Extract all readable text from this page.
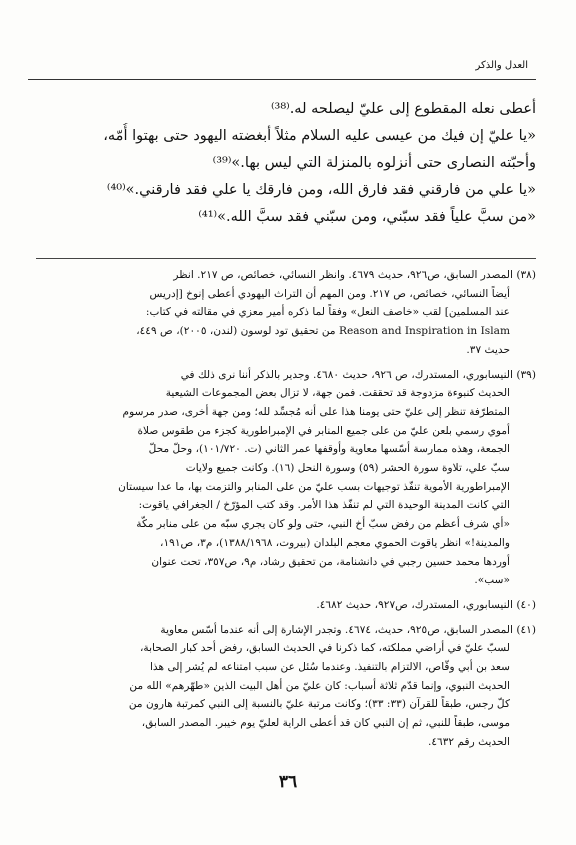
العدل والذكر

أعطى نعله المقطوع إلى عليّ ليصلحه له.⁽³⁸⁾

«يا عليّ إن فيك من عيسى عليه السلام مثلاً أبغضته اليهود حتى بهتوا أُمّه،

وأحبّته النصارى حتى أنزلوه بالمنزلة التي ليس بها.»⁽³⁹⁾

«يا علي من فارقني فقد فارق الله، ومن فارقك يا علي فقد فارقني.»⁽⁴⁰⁾

«من سبَّ علياً فقد سبّني، ومن سبّني فقد سبَّ الله.»⁽⁴¹⁾

(٣٨) المصدر السابق، ص٩٢٦، حديث ٤٦٧٩. وانظر النسائي، خصائص، ص ٢١٧. انظر
أيضاً النسائي، خصائص، ص ٢١٧. ومن المهم أن التراث اليهودي أعطى إنوخ [إدريس
عند المسلمين] لقب «خاصف النعل» وفقاً لما ذكره أمير معزي في مقالته في كتاب:
Reason and Inspiration in Islam من تحقيق تود لوسون (لندن، ٢٠٠٥)، ص ٤٤٩،
حديث ٣٧.
(٣٩) النيسابوري، المستدرك، ص ٩٢٦، حديث ٤٦٨٠. وجدير بالذكر أننا نرى ذلك في
الحديث كنبوءة مزدوجة قد تحققت. فمن جهة، لا تزال بعض المجموعات الشيعية
المتطرّفة تنظر إلى عليّ حتى يومنا هذا على أنه مُجسِّد لله؛ ومن جهة أخرى، صدر مرسوم
أموي رسمي بلعن عليّ من على جميع المنابر في الإمبراطورية كجزء من طقوس صلاة
الجمعة، وهذه ممارسة أسّسها معاوية وأوقفها عمر الثاني (ت. ١٠١/٧٢٠)، وحلّ محلّ
سبّ علي، تلاوة سورة الحشر (٥٩) وسورة النحل (١٦). وكانت جميع ولايات
الإمبراطورية الأموية تنفّذ توجيهات بسب عليّ من على المنابر والتزمت بها، ما عدا سيستان
التي كانت المدينة الوحيدة التي لم تنفّذ هذا الأمر. وقد كتب المؤرّخ / الجغرافي ياقوت:
«أي شرف أعظم من رفض سبّ أخ النبي، حتى ولو كان يجري سبّه من على منابر مكّة
والمدينة!» انظر ياقوت الحموي معجم البلدان (بيروت، ١٣٨٨/١٩٦٨)، م٣، ص١٩١،
أوردها محمد حسين رجبي في دانشنامة، من تحقيق رشاد، م٩، ص٣٥٧، تحت عنوان
«سب».
(٤٠) النيسابوري، المستدرك، ص٩٢٧، حديث ٤٦٨٢.
(٤١) المصدر السابق، ص٩٢٥، حديث، ٤٦٧٤. وتجدر الإشارة إلى أنه عندما أسّس معاوية
لسبّ عليّ في أراضي مملكته، كما ذكرنا في الحديث السابق، رفض أحد كبار الصحابة،
سعد بن أبي وقّاص، الالتزام بالتنفيذ. وعندما سُئل عن سبب امتناعه لم يُشر إلى هذا
الحديث النبوي، وإنما قدّم ثلاثة أسباب: كان عليّ من أهل البيت الذين «طهّرهم» الله من
كلّ رجس، طبقاً للقرآن (٣٣: ٣٣)؛ وكانت مرتبة عليّ بالنسبة إلى النبي كمرتبة هارون من
موسى، طبقاً للنبي، ثم إن النبي كان قد أعطى الراية لعليّ يوم خيبر. المصدر السابق،
الحديث رقم ٤٦٣٢.
٣٦
